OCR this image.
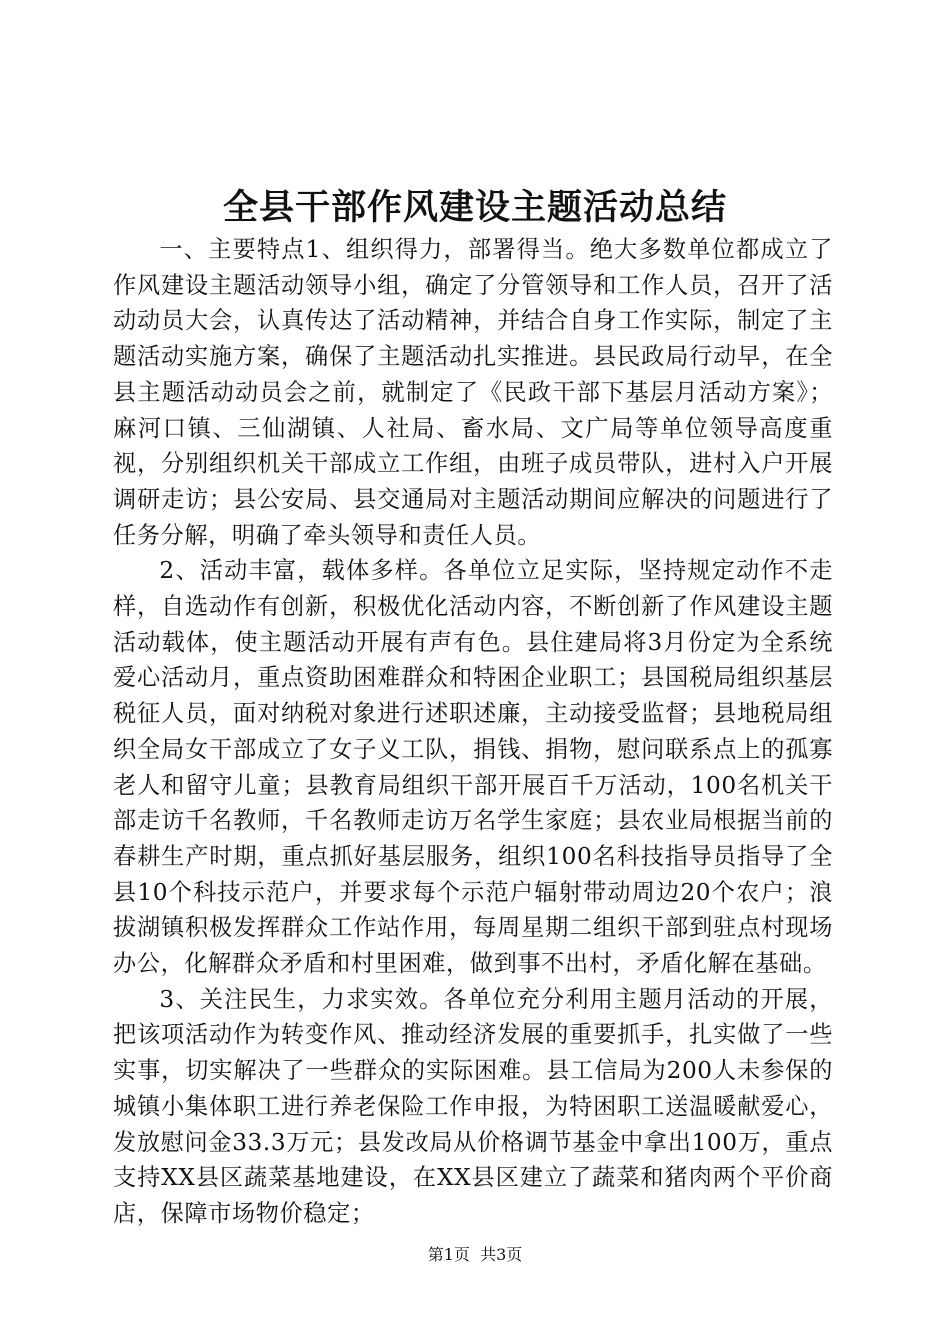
全县干部作风建设主题活动总结

一、主要特点1、组织得力，部署得当。绝大多数单位都成立了作风建设主题活动领导小组，确定了分管领导和工作人员，召开了活动动员大会，认真传达了活动精神，并结合自身工作实际，制定了主题活动实施方案，确保了主题活动扎实推进。县民政局行动早，在全县主题活动动员会之前，就制定了《民政干部下基层月活动方案》；麻河口镇、三仙湖镇、人社局、畜水局、文广局等单位领导高度重视，分别组织机关干部成立工作组，由班子成员带队，进村入户开展调研走访；县公安局、县交通局对主题活动期间应解决的问题进行了任务分解，明确了牵头领导和责任人员。

2、活动丰富，载体多样。各单位立足实际，坚持规定动作不走样，自选动作有创新，积极优化活动内容，不断创新了作风建设主题活动载体，使主题活动开展有声有色。县住建局将3月份定为全系统爱心活动月，重点资助困难群众和特困企业职工；县国税局组织基层税征人员，面对纳税对象进行述职述廉，主动接受监督；县地税局组织全局女干部成立了女子义工队，捐钱、捐物，慰问联系点上的孤寡老人和留守儿童；县教育局组织干部开展百千万活动，100名机关干部走访千名教师，千名教师走访万名学生家庭；县农业局根据当前的春耕生产时期，重点抓好基层服务，组织100名科技指导员指导了全县10个科技示范户，并要求每个示范户辐射带动周边20个农户；浪拔湖镇积极发挥群众工作站作用，每周星期二组织干部到驻点村现场办公，化解群众矛盾和村里困难，做到事不出村，矛盾化解在基础。

3、关注民生，力求实效。各单位充分利用主题月活动的开展，把该项活动作为转变作风、推动经济发展的重要抓手，扎实做了一些实事，切实解决了一些群众的实际困难。县工信局为200人未参保的城镇小集体职工进行养老保险工作申报，为特困职工送温暖献爱心，发放慰问金33.3万元；县发改局从价格调节基金中拿出100万，重点支持XX县区蔬菜基地建设，在XX县区建立了蔬菜和猪肉两个平价商店，保障市场物价稳定；

第1页 共3页
